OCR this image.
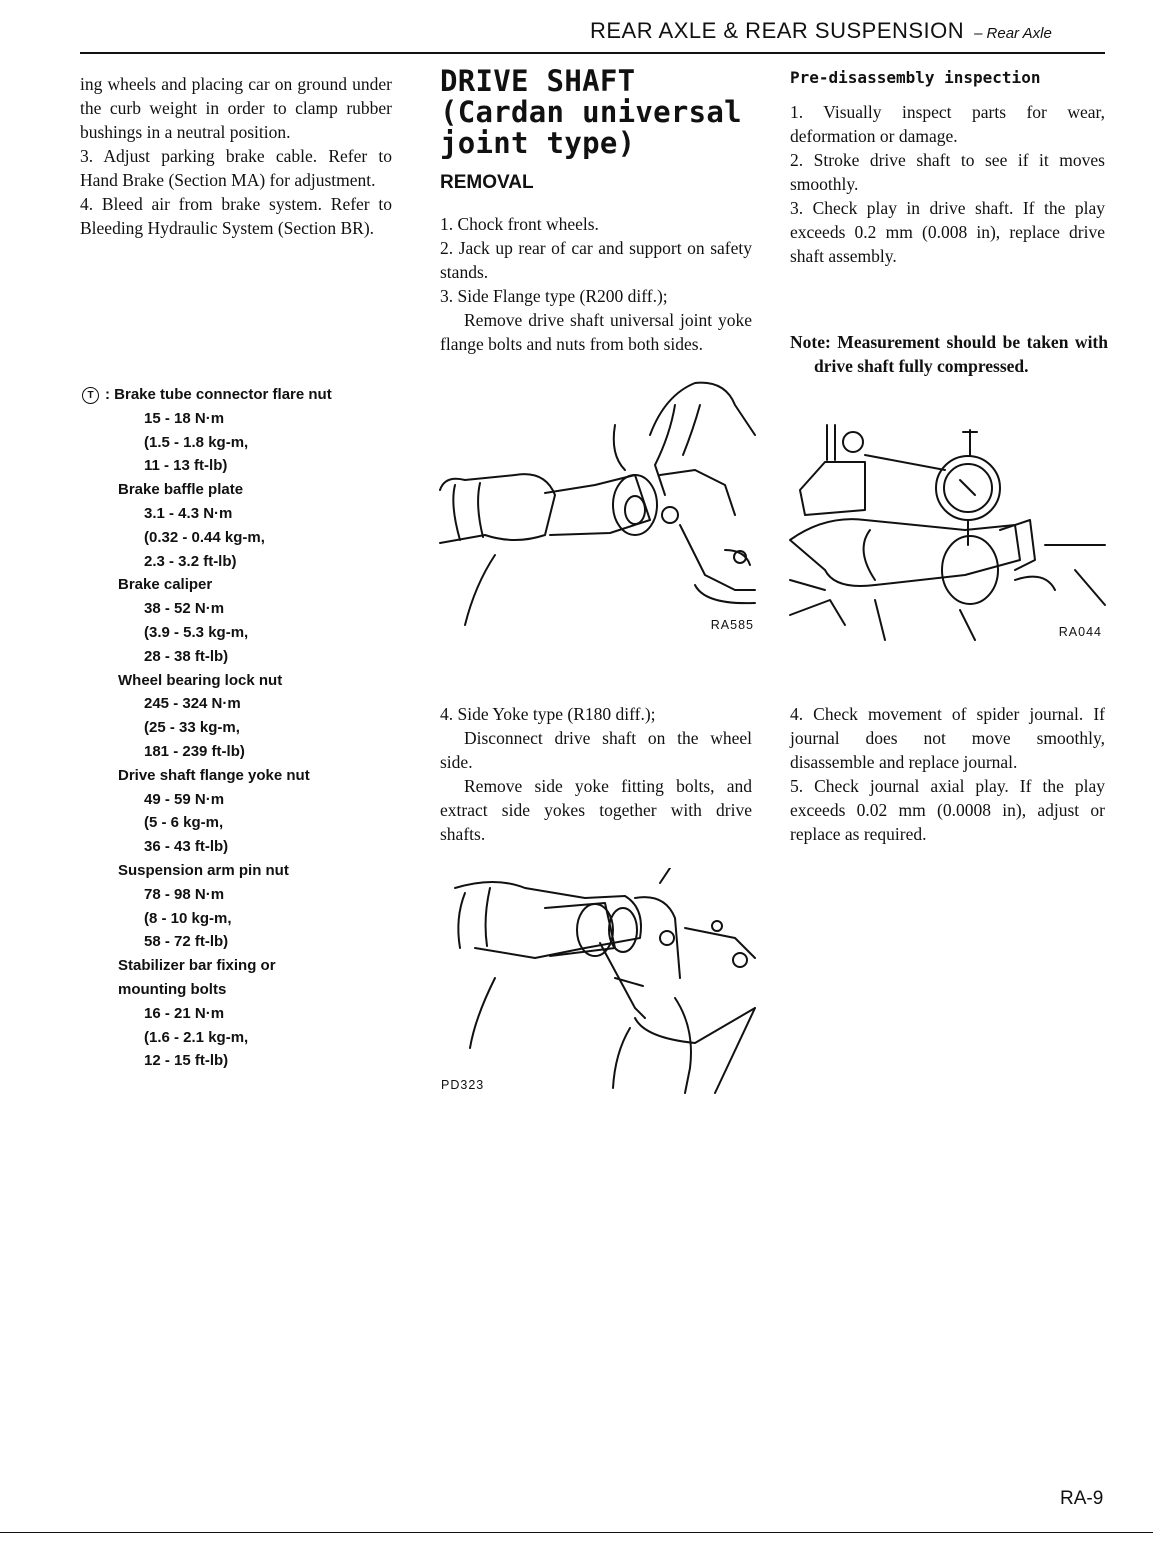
REAR AXLE & REAR SUSPENSION – Rear Axle

ing wheels and placing car on ground under the curb weight in order to clamp rubber bushings in a neutral position.

3. Adjust parking brake cable. Refer to Hand Brake (Section MA) for adjustment.

4. Bleed air from brake system. Refer to Bleeding Hydraulic System (Section BR).

T : Brake tube connector flare nut
15 - 18 N·m
(1.5 - 1.8 kg-m,
11 - 13 ft-lb)
Brake baffle plate
3.1 - 4.3 N·m
(0.32 - 0.44 kg-m,
2.3 - 3.2 ft-lb)
Brake caliper
38 - 52 N·m
(3.9 - 5.3 kg-m,
28 - 38 ft-lb)
Wheel bearing lock nut
245 - 324 N·m
(25 - 33 kg-m,
181 - 239 ft-lb)
Drive shaft flange yoke nut
49 - 59 N·m
(5 - 6 kg-m,
36 - 43 ft-lb)
Suspension arm pin nut
78 - 98 N·m
(8 - 10 kg-m,
58 - 72 ft-lb)
Stabilizer bar fixing or mounting bolts
16 - 21 N·m
(1.6 - 2.1 kg-m,
12 - 15 ft-lb)
DRIVE SHAFT
(Cardan universal
joint type)
REMOVAL

1. Chock front wheels.

2. Jack up rear of car and support on safety stands.

3. Side Flange type (R200 diff.);

Remove drive shaft universal joint yoke flange bolts and nuts from both sides.

RA585

4. Side Yoke type (R180 diff.);

Disconnect drive shaft on the wheel side.

Remove side yoke fitting bolts, and extract side yokes together with drive shafts.

PD323
Pre-disassembly inspection

1. Visually inspect parts for wear, deformation or damage.

2. Stroke drive shaft to see if it moves smoothly.

3. Check play in drive shaft. If the play exceeds 0.2 mm (0.008 in), replace drive shaft assembly.

Note: Measurement should be taken with drive shaft fully compressed.

RA044

4. Check movement of spider journal. If journal does not move smoothly, disassemble and replace journal.

5. Check journal axial play. If the play exceeds 0.02 mm (0.0008 in), adjust or replace as required.

RA-9
